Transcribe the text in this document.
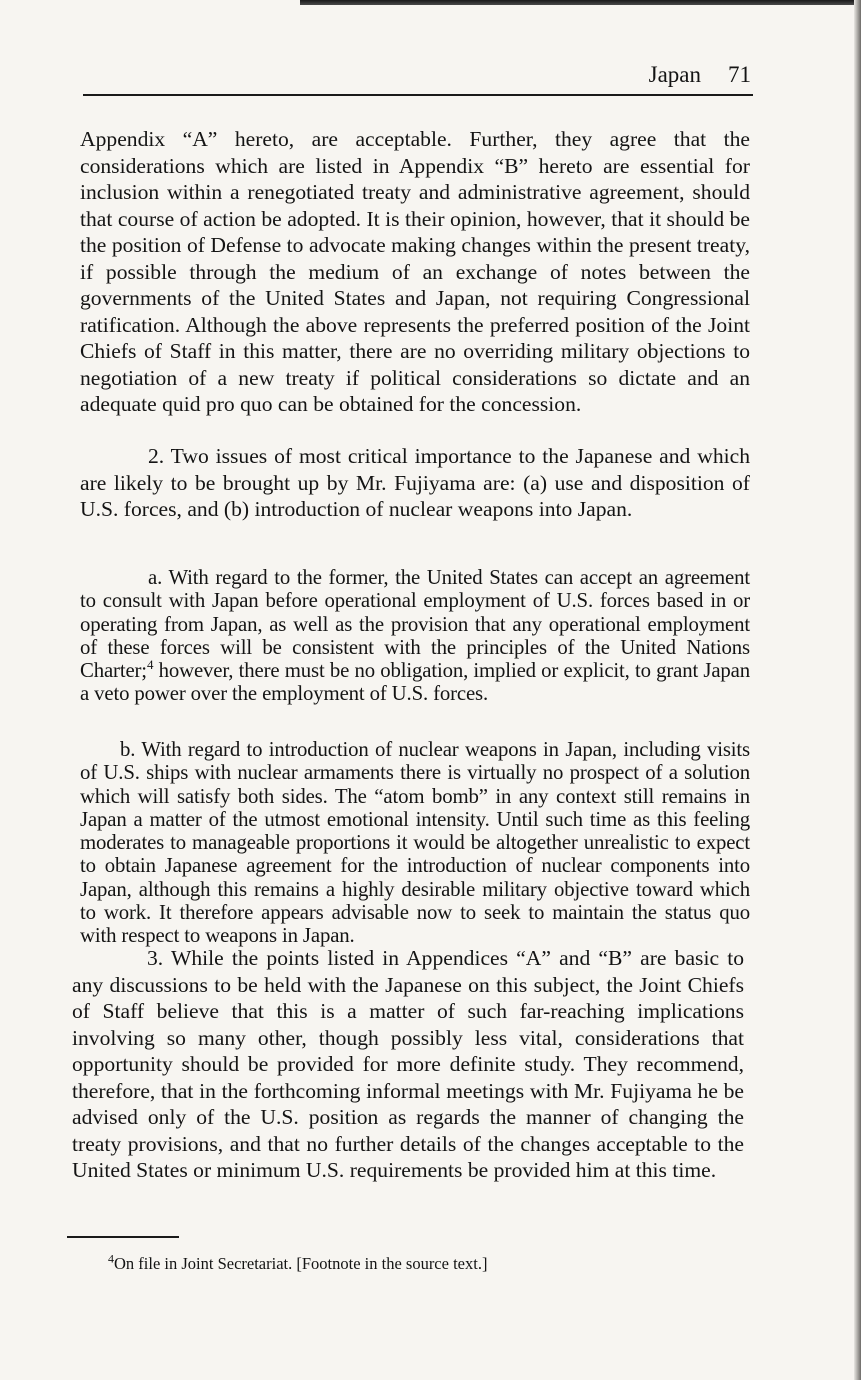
Japan 71

Appendix “A” hereto, are acceptable. Further, they agree that the considerations which are listed in Appendix “B” hereto are essential for inclusion within a renegotiated treaty and administrative agreement, should that course of action be adopted. It is their opinion, however, that it should be the position of Defense to advocate making changes within the present treaty, if possible through the medium of an exchange of notes between the governments of the United States and Japan, not requiring Congressional ratification. Although the above represents the preferred position of the Joint Chiefs of Staff in this matter, there are no overriding military objections to negotiation of a new treaty if political considerations so dictate and an adequate quid pro quo can be obtained for the concession.

2. Two issues of most critical importance to the Japanese and which are likely to be brought up by Mr. Fujiyama are: (a) use and disposition of U.S. forces, and (b) introduction of nuclear weapons into Japan.

a. With regard to the former, the United States can accept an agreement to consult with Japan before operational employment of U.S. forces based in or operating from Japan, as well as the provision that any operational employment of these forces will be consistent with the principles of the United Nations Charter;$^4$ however, there must be no obligation, implied or explicit, to grant Japan a veto power over the employment of U.S. forces.

b. With regard to introduction of nuclear weapons in Japan, including visits of U.S. ships with nuclear armaments there is virtually no prospect of a solution which will satisfy both sides. The “atom bomb” in any context still remains in Japan a matter of the utmost emotional intensity. Until such time as this feeling moderates to manageable proportions it would be altogether unrealistic to expect to obtain Japanese agreement for the introduction of nuclear components into Japan, although this remains a highly desirable military objective toward which to work. It therefore appears advisable now to seek to maintain the status quo with respect to weapons in Japan.

3. While the points listed in Appendices “A” and “B” are basic to any discussions to be held with the Japanese on this subject, the Joint Chiefs of Staff believe that this is a matter of such far-reaching implications involving so many other, though possibly less vital, considerations that opportunity should be provided for more definite study. They recommend, therefore, that in the forthcoming informal meetings with Mr. Fujiyama he be advised only of the U.S. position as regards the manner of changing the treaty provisions, and that no further details of the changes acceptable to the United States or minimum U.S. requirements be provided him at this time.

$^4$On file in Joint Secretariat. [Footnote in the source text.]
